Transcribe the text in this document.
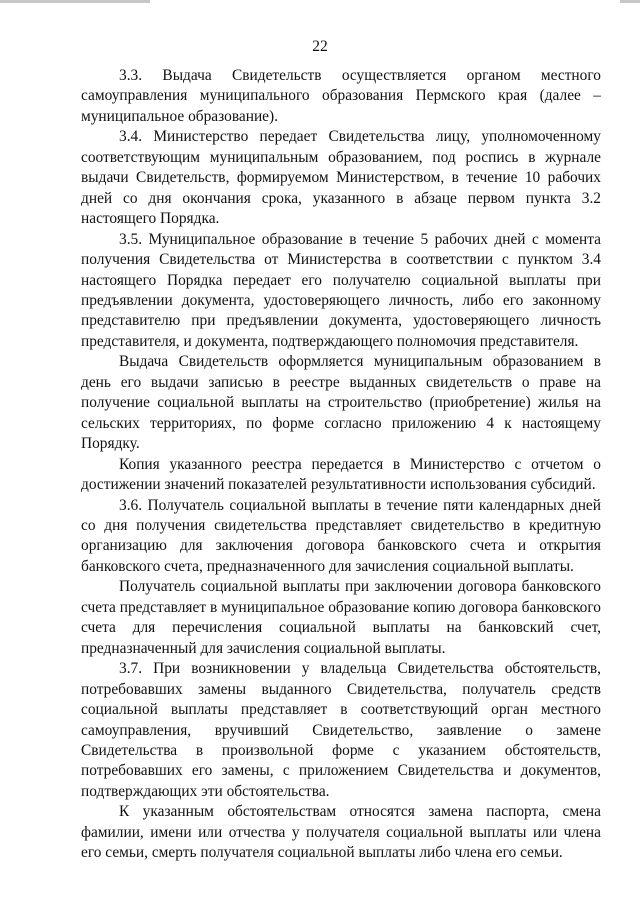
22

3.3. Выдача Свидетельств осуществляется органом местного самоуправления муниципального образования Пермского края (далее – муниципальное образование).

3.4. Министерство передает Свидетельства лицу, уполномоченному соответствующим муниципальным образованием, под роспись в журнале выдачи Свидетельств, формируемом Министерством, в течение 10 рабочих дней со дня окончания срока, указанного в абзаце первом пункта 3.2 настоящего Порядка.

3.5. Муниципальное образование в течение 5 рабочих дней с момента получения Свидетельства от Министерства в соответствии с пунктом 3.4 настоящего Порядка передает его получателю социальной выплаты при предъявлении документа, удостоверяющего личность, либо его законному представителю при предъявлении документа, удостоверяющего личность представителя, и документа, подтверждающего полномочия представителя.

Выдача Свидетельств оформляется муниципальным образованием в день его выдачи записью в реестре выданных свидетельств о праве на получение социальной выплаты на строительство (приобретение) жилья на сельских территориях, по форме согласно приложению 4 к настоящему Порядку.

Копия указанного реестра передается в Министерство с отчетом о достижении значений показателей результативности использования субсидий.

3.6. Получатель социальной выплаты в течение пяти календарных дней со дня получения свидетельства представляет свидетельство в кредитную организацию для заключения договора банковского счета и открытия банковского счета, предназначенного для зачисления социальной выплаты.

Получатель социальной выплаты при заключении договора банковского счета представляет в муниципальное образование копию договора банковского счета для перечисления социальной выплаты на банковский счет, предназначенный для зачисления социальной выплаты.

3.7. При возникновении у владельца Свидетельства обстоятельств, потребовавших замены выданного Свидетельства, получатель средств социальной выплаты представляет в соответствующий орган местного самоуправления, вручивший Свидетельство, заявление о замене Свидетельства в произвольной форме с указанием обстоятельств, потребовавших его замены, с приложением Свидетельства и документов, подтверждающих эти обстоятельства.

К указанным обстоятельствам относятся замена паспорта, смена фамилии, имени или отчества у получателя социальной выплаты или члена его семьи, смерть получателя социальной выплаты либо члена его семьи.
